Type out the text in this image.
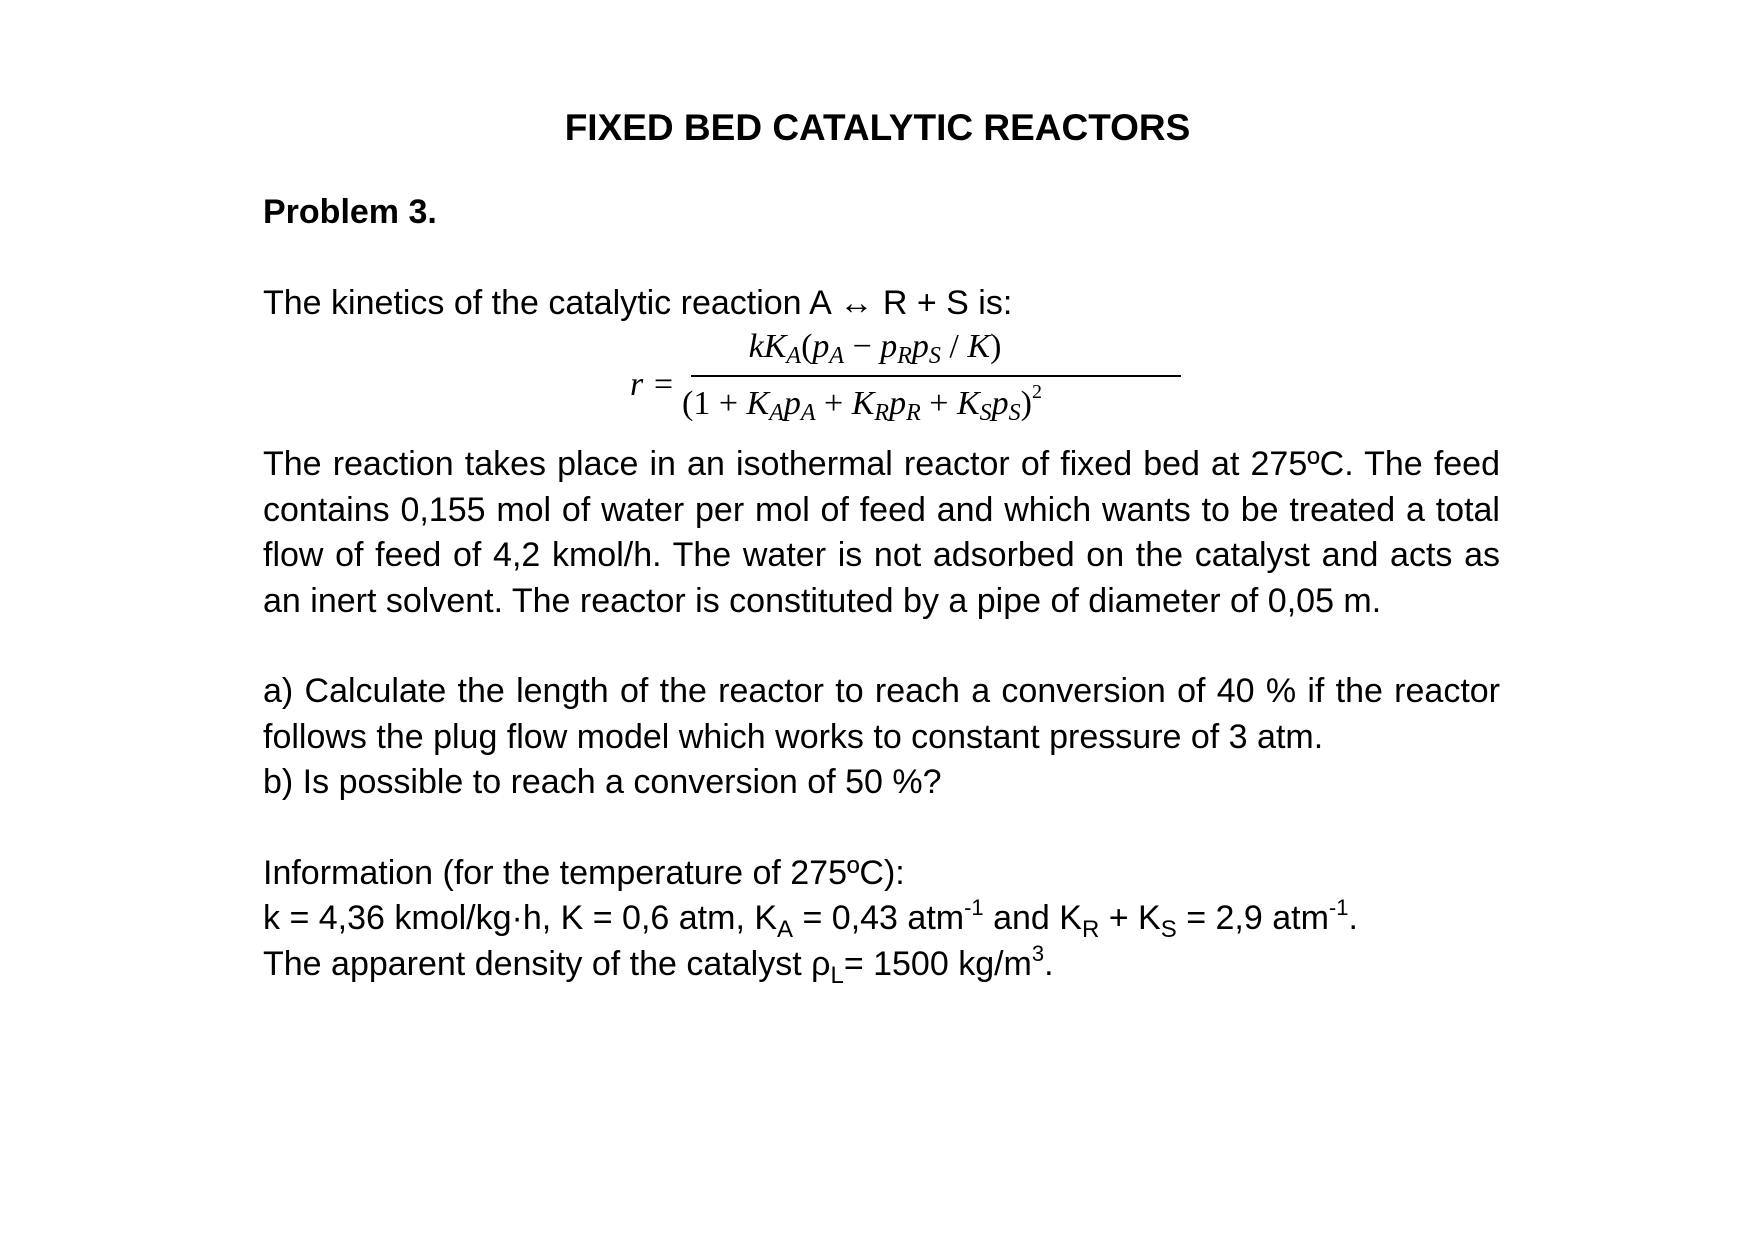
FIXED BED CATALYTIC REACTORS

Problem 3.

The kinetics of the catalytic reaction A ↔ R + S is:

r =
$kK_A(p_A - p_Rp_S / K)$
$(1 + K_Ap_A + K_Rp_R + K_Sp_S)^2$

The reaction takes place in an isothermal reactor of fixed bed at 275ºC. The feed contains 0,155 mol of water per mol of feed and which wants to be treated a total flow of feed of 4,2 kmol/h. The water is not adsorbed on the catalyst and acts as an inert solvent. The reactor is constituted by a pipe of diameter of 0,05 m.

a) Calculate the length of the reactor to reach a conversion of 40 % if the reactor follows the plug flow model which works to constant pressure of 3 atm.

b) Is possible to reach a conversion of 50 %?

Information (for the temperature of 275ºC):

k = 4,36 kmol/kg·h, K = 0,6 atm, $K_A = 0,43$ atm$^{-1}$ and $K_R + K_S = 2,9$ atm$^{-1}$.

The apparent density of the catalyst $\rho_L= 1500$ $kg/m^3$.
